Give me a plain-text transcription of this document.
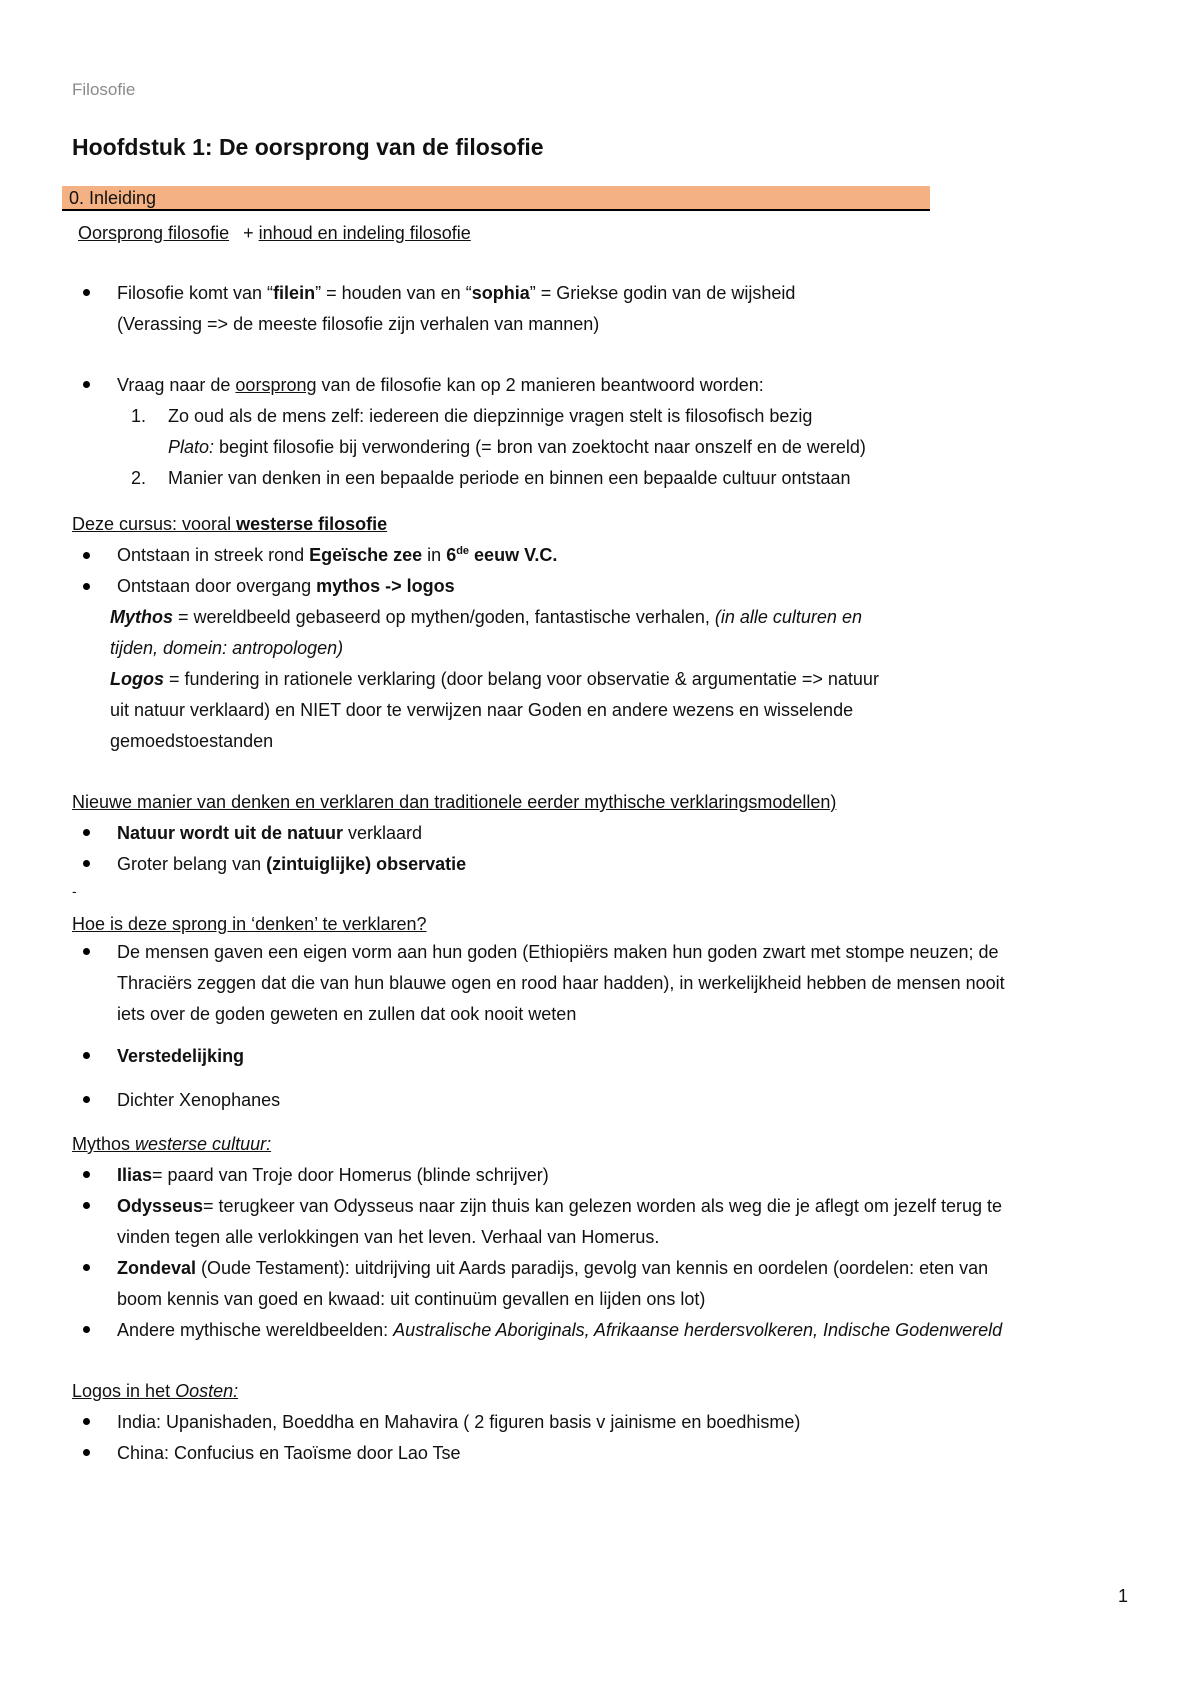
Filosofie
Hoofdstuk 1: De oorsprong van de filosofie
0. Inleiding
Oorsprong filosofie + inhoud en indeling filosofie
Filosofie komt van “filein” = houden van en “sophia” = Griekse godin van de wijsheid
(Verassing => de meeste filosofie zijn verhalen van mannen)
Vraag naar de oorsprong van de filosofie kan op 2 manieren beantwoord worden:
1. Zo oud als de mens zelf: iedereen die diepzinnige vragen stelt is filosofisch bezig
Plato: begint filosofie bij verwondering (= bron van zoektocht naar onszelf en de wereld)
2. Manier van denken in een bepaalde periode en binnen een bepaalde cultuur ontstaan
Deze cursus: vooral westerse filosofie
Ontstaan in streek rond Egeïsche zee in 6de eeuw V.C.
Ontstaan door overgang mythos -> logos
Mythos = wereldbeeld gebaseerd op mythen/goden, fantastische verhalen, (in alle culturen en
tijden, domein: antropologen)
Logos = fundering in rationele verklaring (door belang voor observatie & argumentatie => natuur
uit natuur verklaard) en NIET door te verwijzen naar Goden en andere wezens en wisselende
gemoedstoestanden
Nieuwe manier van denken en verklaren dan traditionele eerder mythische verklaringsmodellen)
Natuur wordt uit de natuur verklaard
Groter belang van (zintuiglijke) observatie
-
Hoe is deze sprong in ‘denken’ te verklaren?
De mensen gaven een eigen vorm aan hun goden (Ethiopiërs maken hun goden zwart met stompe neuzen; de
Thraciërs zeggen dat die van hun blauwe ogen en rood haar hadden), in werkelijkheid hebben de mensen nooit
iets over de goden geweten en zullen dat ook nooit weten
Verstedelijking
Dichter Xenophanes
Mythos westerse cultuur:
Ilias= paard van Troje door Homerus (blinde schrijver)
Odysseus= terugkeer van Odysseus naar zijn thuis kan gelezen worden als weg die je aflegt om jezelf terug te
vinden tegen alle verlokkingen van het leven. Verhaal van Homerus.
Zondeval (Oude Testament): uitdrijving uit Aards paradijs, gevolg van kennis en oordelen (oordelen: eten van
boom kennis van goed en kwaad: uit continuüm gevallen en lijden ons lot)
Andere mythische wereldbeelden: Australische Aboriginals, Afrikaanse herdersvolkeren, Indische Godenwereld
Logos in het Oosten:
India: Upanishaden, Boeddha en Mahavira ( 2 figuren basis v jainisme en boedhisme)
China: Confucius en Taoïsme door Lao Tse
1
